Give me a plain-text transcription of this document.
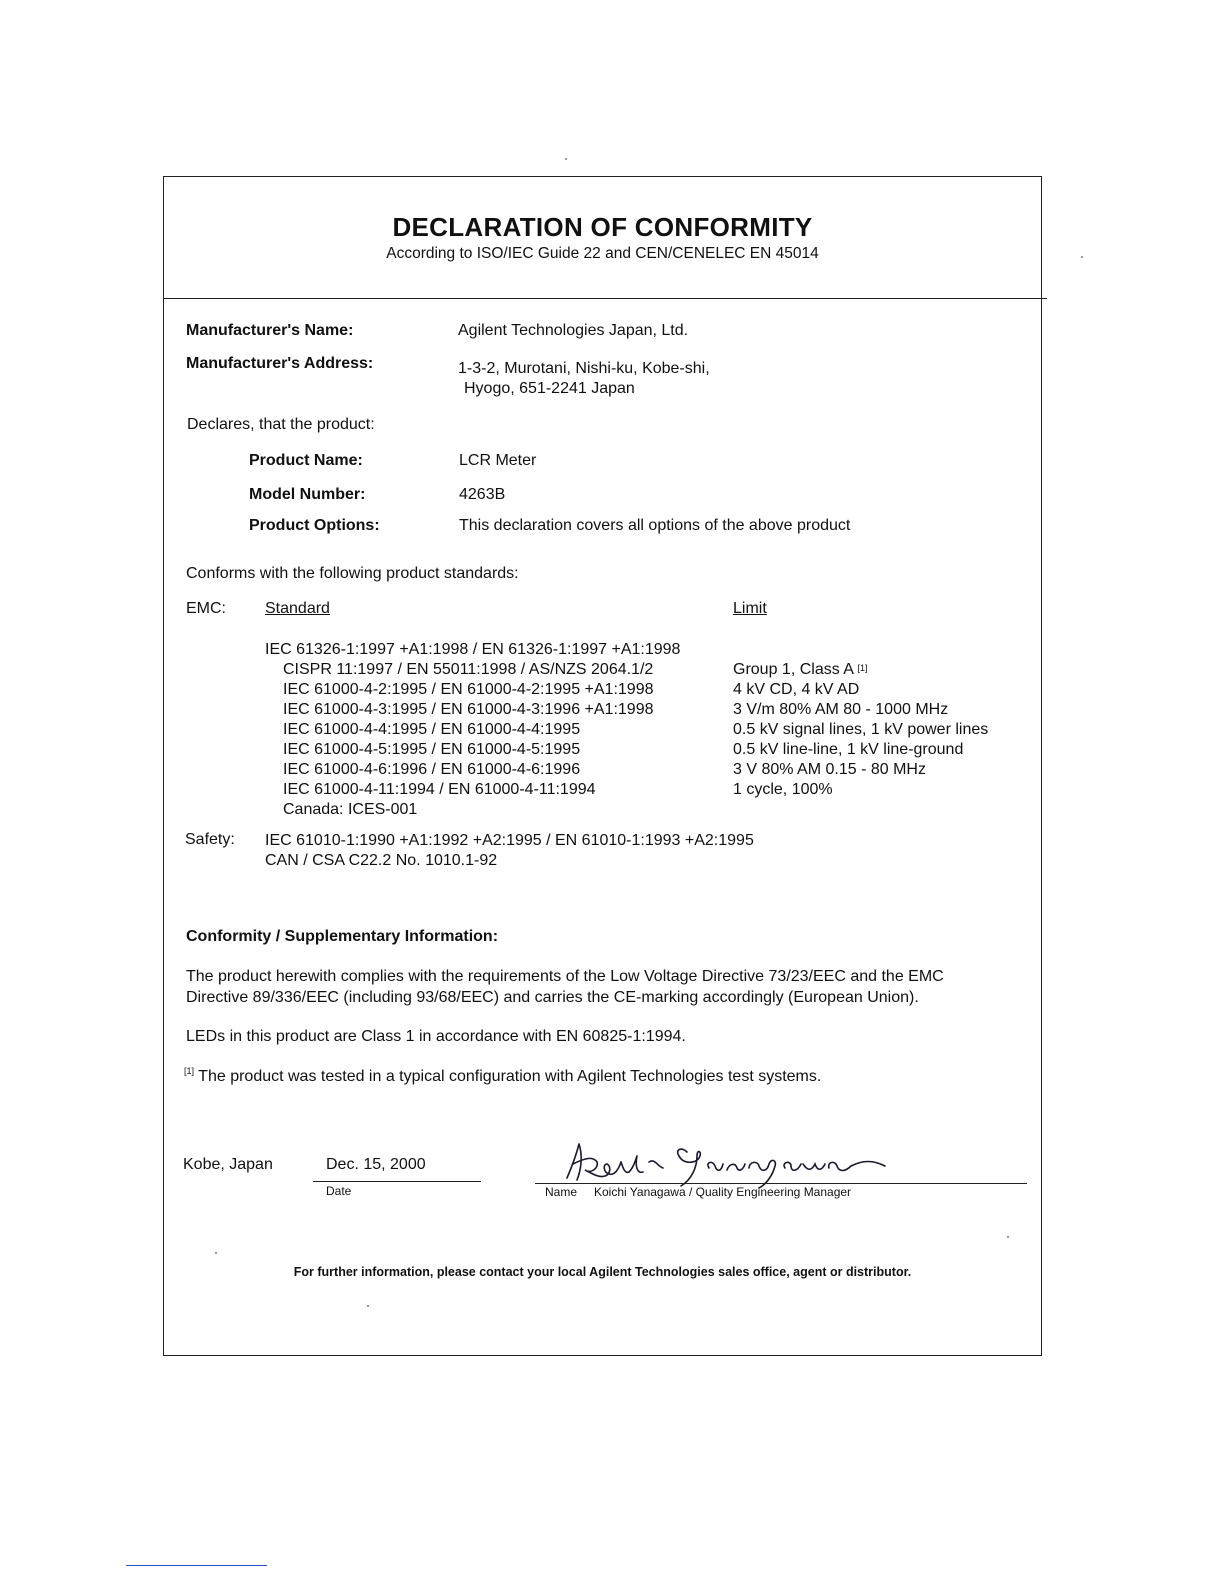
DECLARATION OF CONFORMITY
According to ISO/IEC Guide 22 and CEN/CENELEC EN 45014
Manufacturer's Name:	Agilent Technologies Japan, Ltd.
Manufacturer's Address:	1-3-2, Murotani, Nishi-ku, Kobe-shi,
Hyogo, 651-2241 Japan
Declares, that the product:
Product Name:	LCR Meter
Model Number:	4263B
Product Options:	This declaration covers all options of the above product
Conforms with the following product standards:
EMC: Standard	Limit
IEC 61326-1:1997 +A1:1998 / EN 61326-1:1997 +A1:1998
CISPR 11:1997 / EN 55011:1998 / AS/NZS 2064.1/2	Group 1, Class A [1]
IEC 61000-4-2:1995 / EN 61000-4-2:1995 +A1:1998	4 kV CD, 4 kV AD
IEC 61000-4-3:1995 / EN 61000-4-3:1996 +A1:1998	3 V/m 80% AM 80 - 1000 MHz
IEC 61000-4-4:1995 / EN 61000-4-4:1995	0.5 kV signal lines, 1 kV power lines
IEC 61000-4-5:1995 / EN 61000-4-5:1995	0.5 kV line-line, 1 kV line-ground
IEC 61000-4-6:1996 / EN 61000-4-6:1996	3 V 80% AM 0.15 - 80 MHz
IEC 61000-4-11:1994 / EN 61000-4-11:1994	1 cycle, 100%
Canada: ICES-001
Safety: IEC 61010-1:1990 +A1:1992 +A2:1995 / EN 61010-1:1993 +A2:1995
CAN / CSA C22.2 No. 1010.1-92
Conformity / Supplementary Information:
The product herewith complies with the requirements of the Low Voltage Directive 73/23/EEC and the EMC
Directive 89/336/EEC (including 93/68/EEC) and carries the CE-marking accordingly (European Union).
LEDs in this product are Class 1 in accordance with EN 60825-1:1994.
[1] The product was tested in a typical configuration with Agilent Technologies test systems.
Kobe, Japan	Dec. 15, 2000
Date	Name Koichi Yanagawa / Quality Engineering Manager
For further information, please contact your local Agilent Technologies sales office, agent or distributor.
